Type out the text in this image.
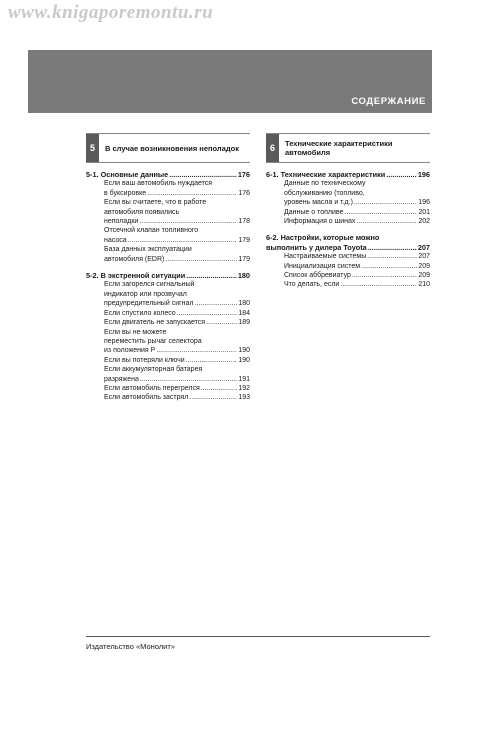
www.knigaporemontu.ru
СОДЕРЖАНИЕ
5	В случае возникновения неполадок
5-1. Основные данные .....	176
Если ваш автомобиль нуждается
в буксировке .....	176
Если вы считаете, что в работе
автомобиля появились
неполадки .....	178
Отсечной клапан топливного
насоса .....	179
База данных эксплуатации
автомобиля (EDR) .....	179
5-2. В экстренной ситуации .....	180
Если загорелся сигнальный
индикатор или прозвучал
предупредительный сигнал .....	180
Если спустило колесо .....	184
Если двигатель не запускается .....	189
Если вы не можете
переместить рычаг селектора
из положения P .....	190
Если вы потеряли ключи .....	190
Если аккумуляторная батарея
разряжена .....	191
Если автомобиль перегрелся .....	192
Если автомобиль застрял .....	193
6	Технические характеристики автомобиля
6-1. Технические характеристики .....	196
Данные по техническому
обслуживанию (топливо,
уровень масла и т.д.) .....	196
Данные о топливе .....	201
Информация о шинах .....	202
6-2. Настройки, которые можно
выполнить у дилера Toyota .....	207
Настраиваемые системы .....	207
Инициализация систем .....	209
Список аббревиатур .....	209
Что делать, если .....	210
Издательство «Монолит»
